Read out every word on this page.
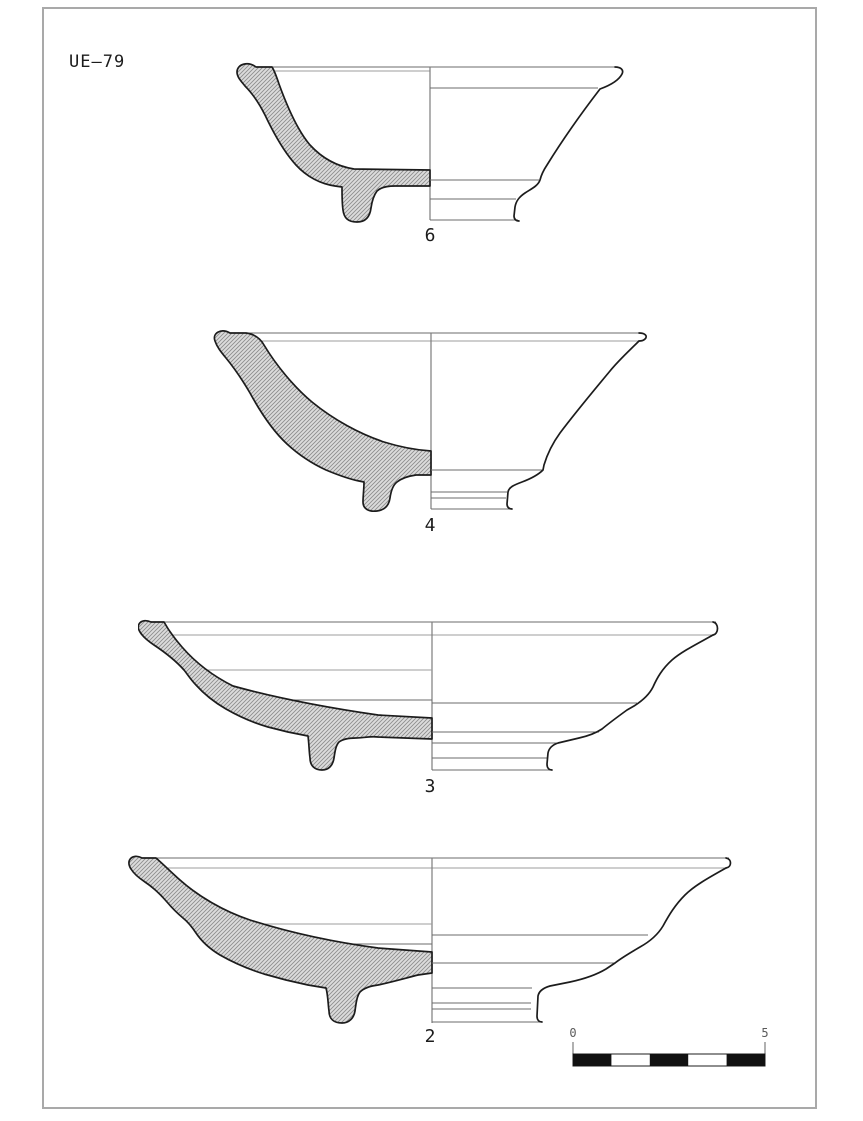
UE–79
6
4
3
2	0	5
